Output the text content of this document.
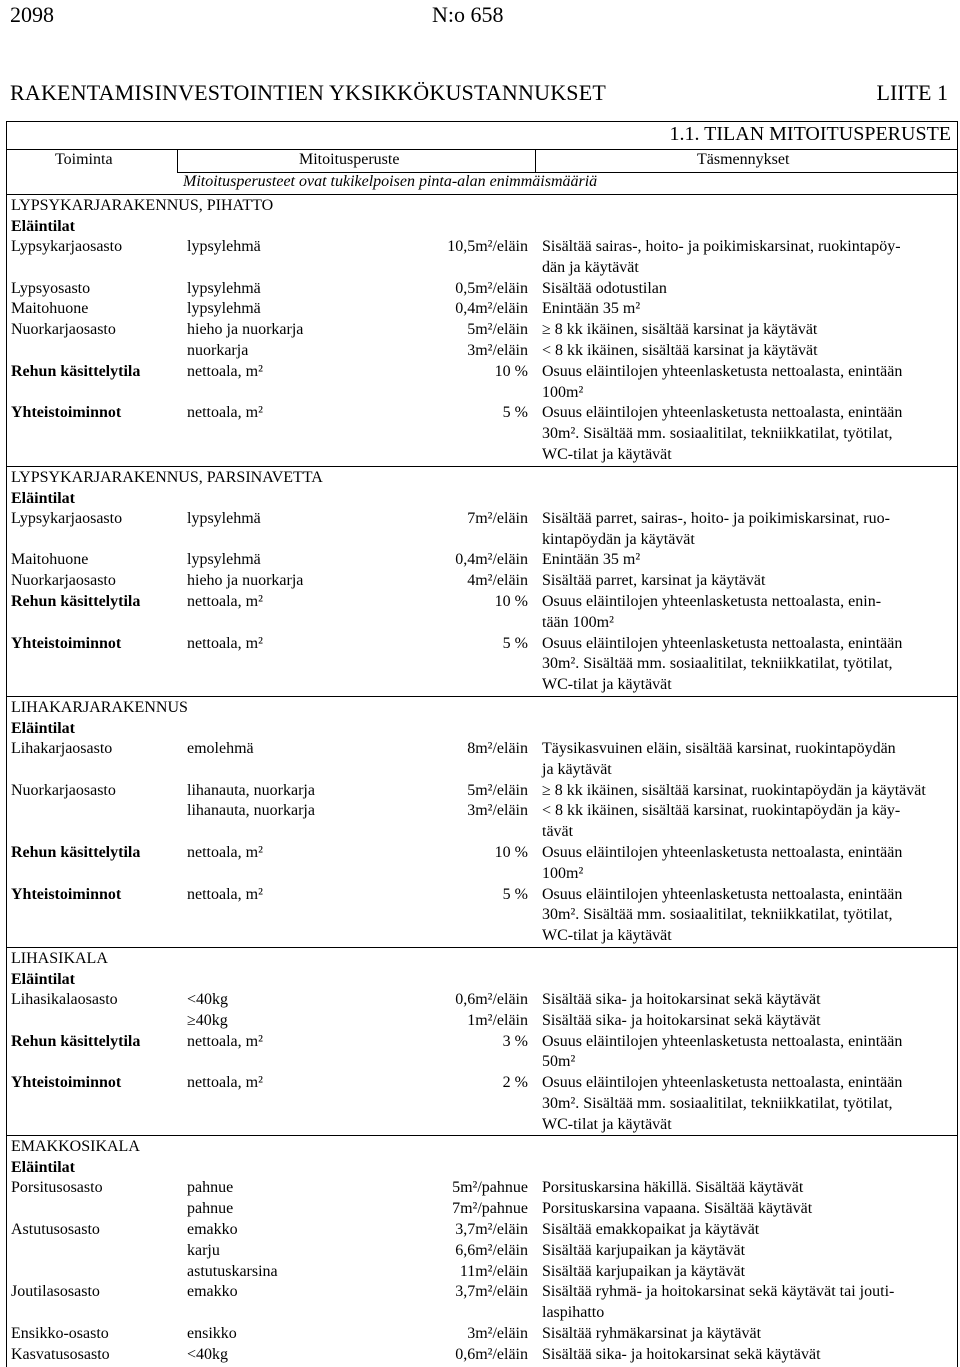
2098	N:o 658
RAKENTAMISINVESTOINTIEN YKSIKKÖKUSTANNUKSET	LIITE 1
1.1. TILAN MITOITUSPERUSTE
Toiminta	Mitoitusperuste	Täsmennykset
Mitoitusperusteet ovat tukikelpoisen pinta-alan enimmäismääriä
LYPSYKARJARAKENNUS, PIHATTO
Eläintilat
Lypsykarjaosasto	lypsylehmä	10,5m²/eläin Sisältää sairas-, hoito- ja poikimiskarsinat, ruokintapöy-
dän ja käytävät
Lypsyosasto	lypsylehmä	0,5m²/eläin Sisältää odotustilan
Maitohuone	lypsylehmä	0,4m²/eläin Enintään 35 m²
Nuorkarjaosasto	hieho ja nuorkarja	5m²/eläin ≥ 8 kk ikäinen, sisältää karsinat ja käytävät
nuorkarja	3m²/eläin < 8 kk ikäinen, sisältää karsinat ja käytävät
Rehun käsittelytila	nettoala, m²	10 % Osuus eläintilojen yhteenlasketusta nettoalasta, enintään
100m²
Yhteistoiminnot	nettoala, m²	5 % Osuus eläintilojen yhteenlasketusta nettoalasta, enintään
30m². Sisältää mm. sosiaalitilat, tekniikkatilat, työtilat,
WC-tilat ja käytävät
LYPSYKARJARAKENNUS, PARSINAVETTA
Eläintilat
Lypsykarjaosasto	lypsylehmä	7m²/eläin Sisältää parret, sairas-, hoito- ja poikimiskarsinat, ruo-
kintapöydän ja käytävät
Maitohuone	lypsylehmä	0,4m²/eläin Enintään 35 m²
Nuorkarjaosasto	hieho ja nuorkarja	4m²/eläin Sisältää parret, karsinat ja käytävät
Rehun käsittelytila	nettoala, m²	10 % Osuus eläintilojen yhteenlasketusta nettoalasta, enin-
tään 100m²
Yhteistoiminnot	nettoala, m²	5 % Osuus eläintilojen yhteenlasketusta nettoalasta, enintään
30m². Sisältää mm. sosiaalitilat, tekniikkatilat, työtilat,
WC-tilat ja käytävät
LIHAKARJARAKENNUS
Eläintilat
Lihakarjaosasto	emolehmä	8m²/eläin Täysikasvuinen eläin, sisältää karsinat, ruokintapöydän
ja käytävät
Nuorkarjaosasto	lihanauta, nuorkarja	5m²/eläin ≥ 8 kk ikäinen, sisältää karsinat, ruokintapöydän ja käytävät
lihanauta, nuorkarja	3m²/eläin < 8 kk ikäinen, sisältää karsinat, ruokintapöydän ja käy-
tävät
Rehun käsittelytila	nettoala, m²	10 % Osuus eläintilojen yhteenlasketusta nettoalasta, enintään
100m²
Yhteistoiminnot	nettoala, m²	5 % Osuus eläintilojen yhteenlasketusta nettoalasta, enintään
30m². Sisältää mm. sosiaalitilat, tekniikkatilat, työtilat,
WC-tilat ja käytävät
LIHASIKALA
Eläintilat
Lihasikalaosasto	<40kg	0,6m²/eläin Sisältää sika- ja hoitokarsinat sekä käytävät
≥40kg	1m²/eläin Sisältää sika- ja hoitokarsinat sekä käytävät
Rehun käsittelytila	nettoala, m²	3 % Osuus eläintilojen yhteenlasketusta nettoalasta, enintään
50m²
Yhteistoiminnot	nettoala, m²	2 % Osuus eläintilojen yhteenlasketusta nettoalasta, enintään
30m². Sisältää mm. sosiaalitilat, tekniikkatilat, työtilat,
WC-tilat ja käytävät
EMAKKOSIKALA
Eläintilat
Porsitusosasto	pahnue	5m²/pahnue Porsituskarsina häkillä. Sisältää käytävät
pahnue	7m²/pahnue Porsituskarsina vapaana. Sisältää käytävät
Astutusosasto	emakko	3,7m²/eläin Sisältää emakkopaikat ja käytävät
karju	6,6m²/eläin Sisältää karjupaikan ja käytävät
astutuskarsina	11m²/eläin Sisältää karjupaikan ja käytävät
Joutilasosasto	emakko	3,7m²/eläin Sisältää ryhmä- ja hoitokarsinat sekä käytävät tai jouti-
laspihatto
Ensikko-osasto	ensikko	3m²/eläin Sisältää ryhmäkarsinat ja käytävät
Kasvatusosasto	<40kg	0,6m²/eläin Sisältää sika- ja hoitokarsinat sekä käytävät
